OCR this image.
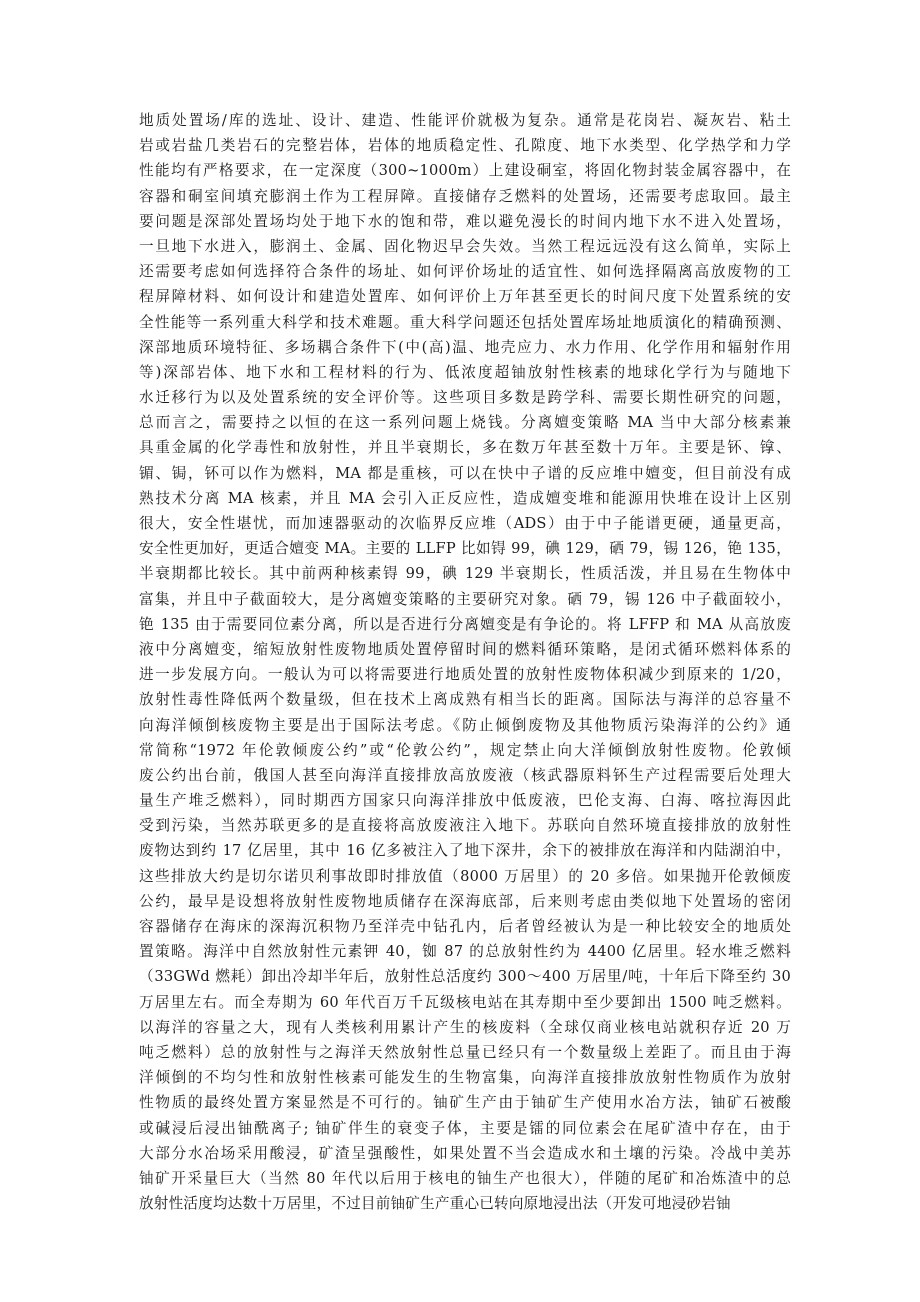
地质处置场/库的选址、设计、建造、性能评价就极为复杂。通常是花岗岩、凝灰岩、粘土
岩或岩盐几类岩石的完整岩体，岩体的地质稳定性、孔隙度、地下水类型、化学热学和力学
性能均有严格要求，在一定深度（300~1000m）上建设硐室，将固化物封装金属容器中，在
容器和硐室间填充膨润土作为工程屏障。直接储存乏燃料的处置场，还需要考虑取回。最主
要问题是深部处置场均处于地下水的饱和带，难以避免漫长的时间内地下水不进入处置场，
一旦地下水进入，膨润土、金属、固化物迟早会失效。当然工程远远没有这么简单，实际上
还需要考虑如何选择符合条件的场址、如何评价场址的适宜性、如何选择隔离高放废物的工
程屏障材料、如何设计和建造处置库、如何评价上万年甚至更长的时间尺度下处置系统的安
全性能等一系列重大科学和技术难题。重大科学问题还包括处置库场址地质演化的精确预测、
深部地质环境特征、多场耦合条件下(中(高)温、地壳应力、水力作用、化学作用和辐射作用
等)深部岩体、地下水和工程材料的行为、低浓度超铀放射性核素的地球化学行为与随地下
水迁移行为以及处置系统的安全评价等。这些项目多数是跨学科、需要长期性研究的问题，
总而言之，需要持之以恒的在这一系列问题上烧钱。分离嬗变策略 MA 当中大部分核素兼
具重金属的化学毒性和放射性，并且半衰期长，多在数万年甚至数十万年。主要是钚、镎、
镅、锔，钚可以作为燃料，MA 都是重核，可以在快中子谱的反应堆中嬗变，但目前没有成
熟技术分离 MA 核素，并且 MA 会引入正反应性，造成嬗变堆和能源用快堆在设计上区别
很大，安全性堪忧，而加速器驱动的次临界反应堆（ADS）由于中子能谱更硬，通量更高，
安全性更加好，更适合嬗变 MA。主要的 LLFP 比如锝 99，碘 129，硒 79，锡 126，铯 135，
半衰期都比较长。其中前两种核素锝 99，碘 129 半衰期长，性质活泼，并且易在生物体中
富集，并且中子截面较大，是分离嬗变策略的主要研究对象。硒 79，锡 126 中子截面较小，
铯 135 由于需要同位素分离，所以是否进行分离嬗变是有争论的。将 LFFP 和 MA 从高放废
液中分离嬗变，缩短放射性废物地质处置停留时间的燃料循环策略，是闭式循环燃料体系的
进一步发展方向。一般认为可以将需要进行地质处置的放射性废物体积减少到原来的 1/20，
放射性毒性降低两个数量级，但在技术上离成熟有相当长的距离。国际法与海洋的总容量不
向海洋倾倒核废物主要是出于国际法考虑。《防止倾倒废物及其他物质污染海洋的公约》通
常简称“1972 年伦敦倾废公约”或“伦敦公约”，规定禁止向大洋倾倒放射性废物。伦敦倾
废公约出台前，俄国人甚至向海洋直接排放高放废液（核武器原料钚生产过程需要后处理大
量生产堆乏燃料），同时期西方国家只向海洋排放中低废液，巴伦支海、白海、喀拉海因此
受到污染，当然苏联更多的是直接将高放废液注入地下。苏联向自然环境直接排放的放射性
废物达到约 17 亿居里，其中 16 亿多被注入了地下深井，余下的被排放在海洋和内陆湖泊中，
这些排放大约是切尔诺贝利事故即时排放值（8000 万居里）的 20 多倍。如果抛开伦敦倾废
公约，最早是设想将放射性废物地质储存在深海底部，后来则考虑由类似地下处置场的密闭
容器储存在海床的深海沉积物乃至洋壳中钻孔内，后者曾经被认为是一种比较安全的地质处
置策略。海洋中自然放射性元素钾 40，铷 87 的总放射性约为 4400 亿居里。轻水堆乏燃料
（33GWd 燃耗）卸出冷却半年后，放射性总活度约 300～400 万居里/吨，十年后下降至约 30
万居里左右。而全寿期为 60 年代百万千瓦级核电站在其寿期中至少要卸出 1500 吨乏燃料。
以海洋的容量之大，现有人类核利用累计产生的核废料（全球仅商业核电站就积存近 20 万
吨乏燃料）总的放射性与之海洋天然放射性总量已经只有一个数量级上差距了。而且由于海
洋倾倒的不均匀性和放射性核素可能发生的生物富集，向海洋直接排放放射性物质作为放射
性物质的最终处置方案显然是不可行的。铀矿生产由于铀矿生产使用水冶方法，铀矿石被酸
或碱浸后浸出铀酰离子; 铀矿伴生的衰变子体，主要是镭的同位素会在尾矿渣中存在，由于
大部分水冶场采用酸浸，矿渣呈强酸性，如果处置不当会造成水和土壤的污染。冷战中美苏
铀矿开采量巨大（当然 80 年代以后用于核电的铀生产也很大），伴随的尾矿和冶炼渣中的总
放射性活度均达数十万居里，不过目前铀矿生产重心已转向原地浸出法（开发可地浸砂岩铀
